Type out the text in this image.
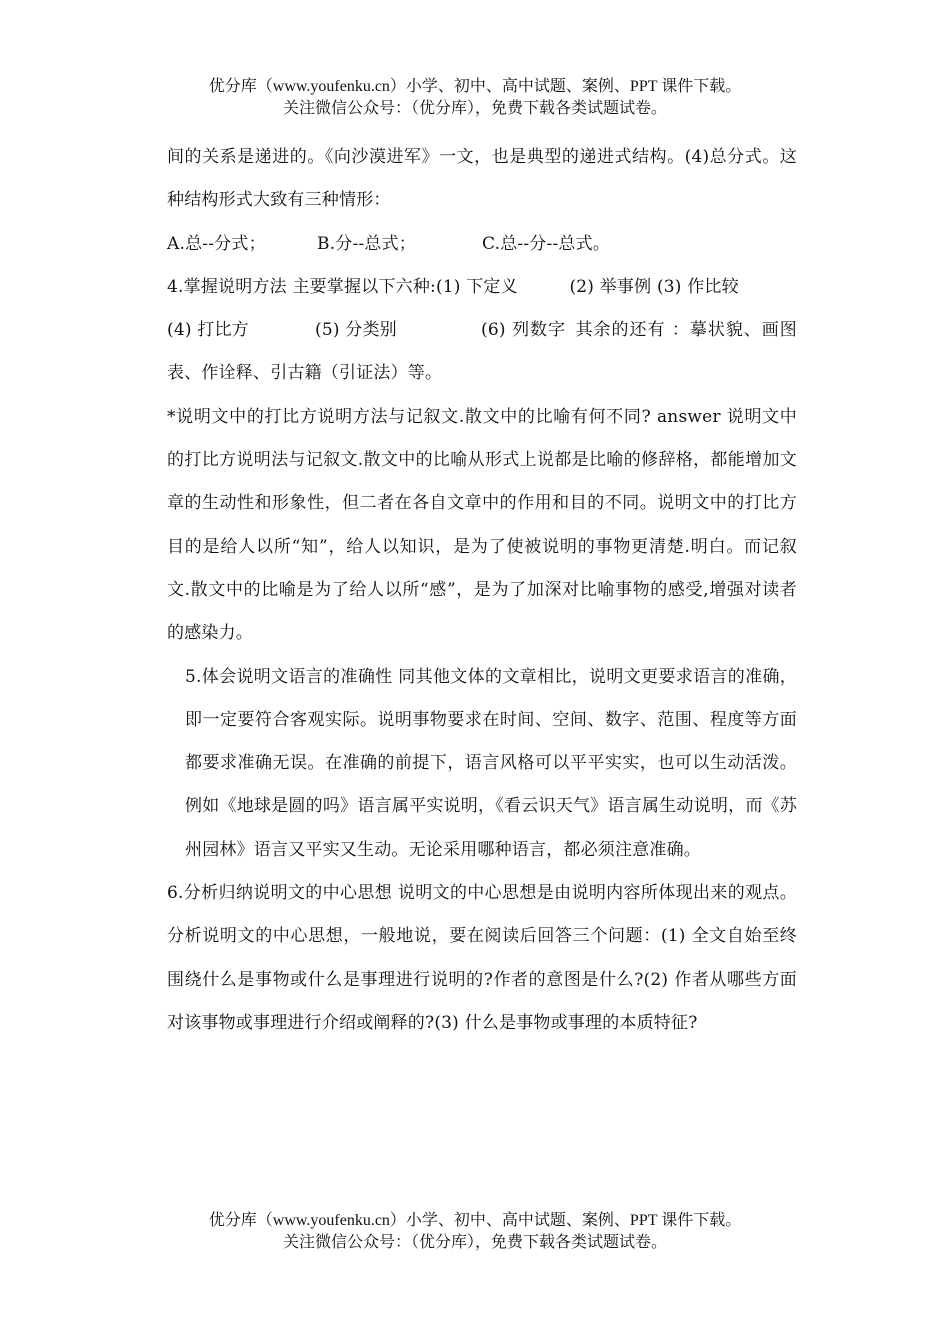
优分库（www.youfenku.cn）小学、初中、高中试题、案例、PPT 课件下载。
关注微信公众号：（优分库），免费下载各类试题试卷。

间的关系是递进的。《向沙漠进军》一文，也是典型的递进式结构。(4)总分式。这种结构形式大致有三种情形：

A.总--分式；	B.分--总式；	C.总--分--总式。

4.掌握说明方法 主要掌握以下六种:(1) 下定义   	(2) 举事例 (3) 作比较

(4) 打比方	(5) 分类别	(6) 列数字  其余的还有 ：摹状貌、画图表、作诠释、引古籍（引证法）等。

*说明文中的打比方说明方法与记叙文.散文中的比喻有何不同? answer 说明文中的打比方说明法与记叙文.散文中的比喻从形式上说都是比喻的修辞格，都能增加文章的生动性和形象性，但二者在各自文章中的作用和目的不同。说明文中的打比方目的是给人以所“知”，给人以知识，是为了使被说明的事物更清楚.明白。而记叙文.散文中的比喻是为了给人以所“感”，是为了加深对比喻事物的感受,增强对读者的感染力。

5.体会说明文语言的准确性 同其他文体的文章相比，说明文更要求语言的准确，即一定要符合客观实际。说明事物要求在时间、空间、数字、范围、程度等方面都要求准确无误。在准确的前提下，语言风格可以平平实实，也可以生动活泼。例如《地球是圆的吗》语言属平实说明，《看云识天气》语言属生动说明，而《苏州园林》语言又平实又生动。无论采用哪种语言，都必须注意准确。

6.分析归纳说明文的中心思想 说明文的中心思想是由说明内容所体现出来的观点。分析说明文的中心思想，一般地说，要在阅读后回答三个问题：(1) 全文自始至终围绕什么是事物或什么是事理进行说明的?作者的意图是什么?(2) 作者从哪些方面对该事物或事理进行介绍或阐释的?(3) 什么是事物或事理的本质特征?

优分库（www.youfenku.cn）小学、初中、高中试题、案例、PPT 课件下载。
关注微信公众号：（优分库），免费下载各类试题试卷。
